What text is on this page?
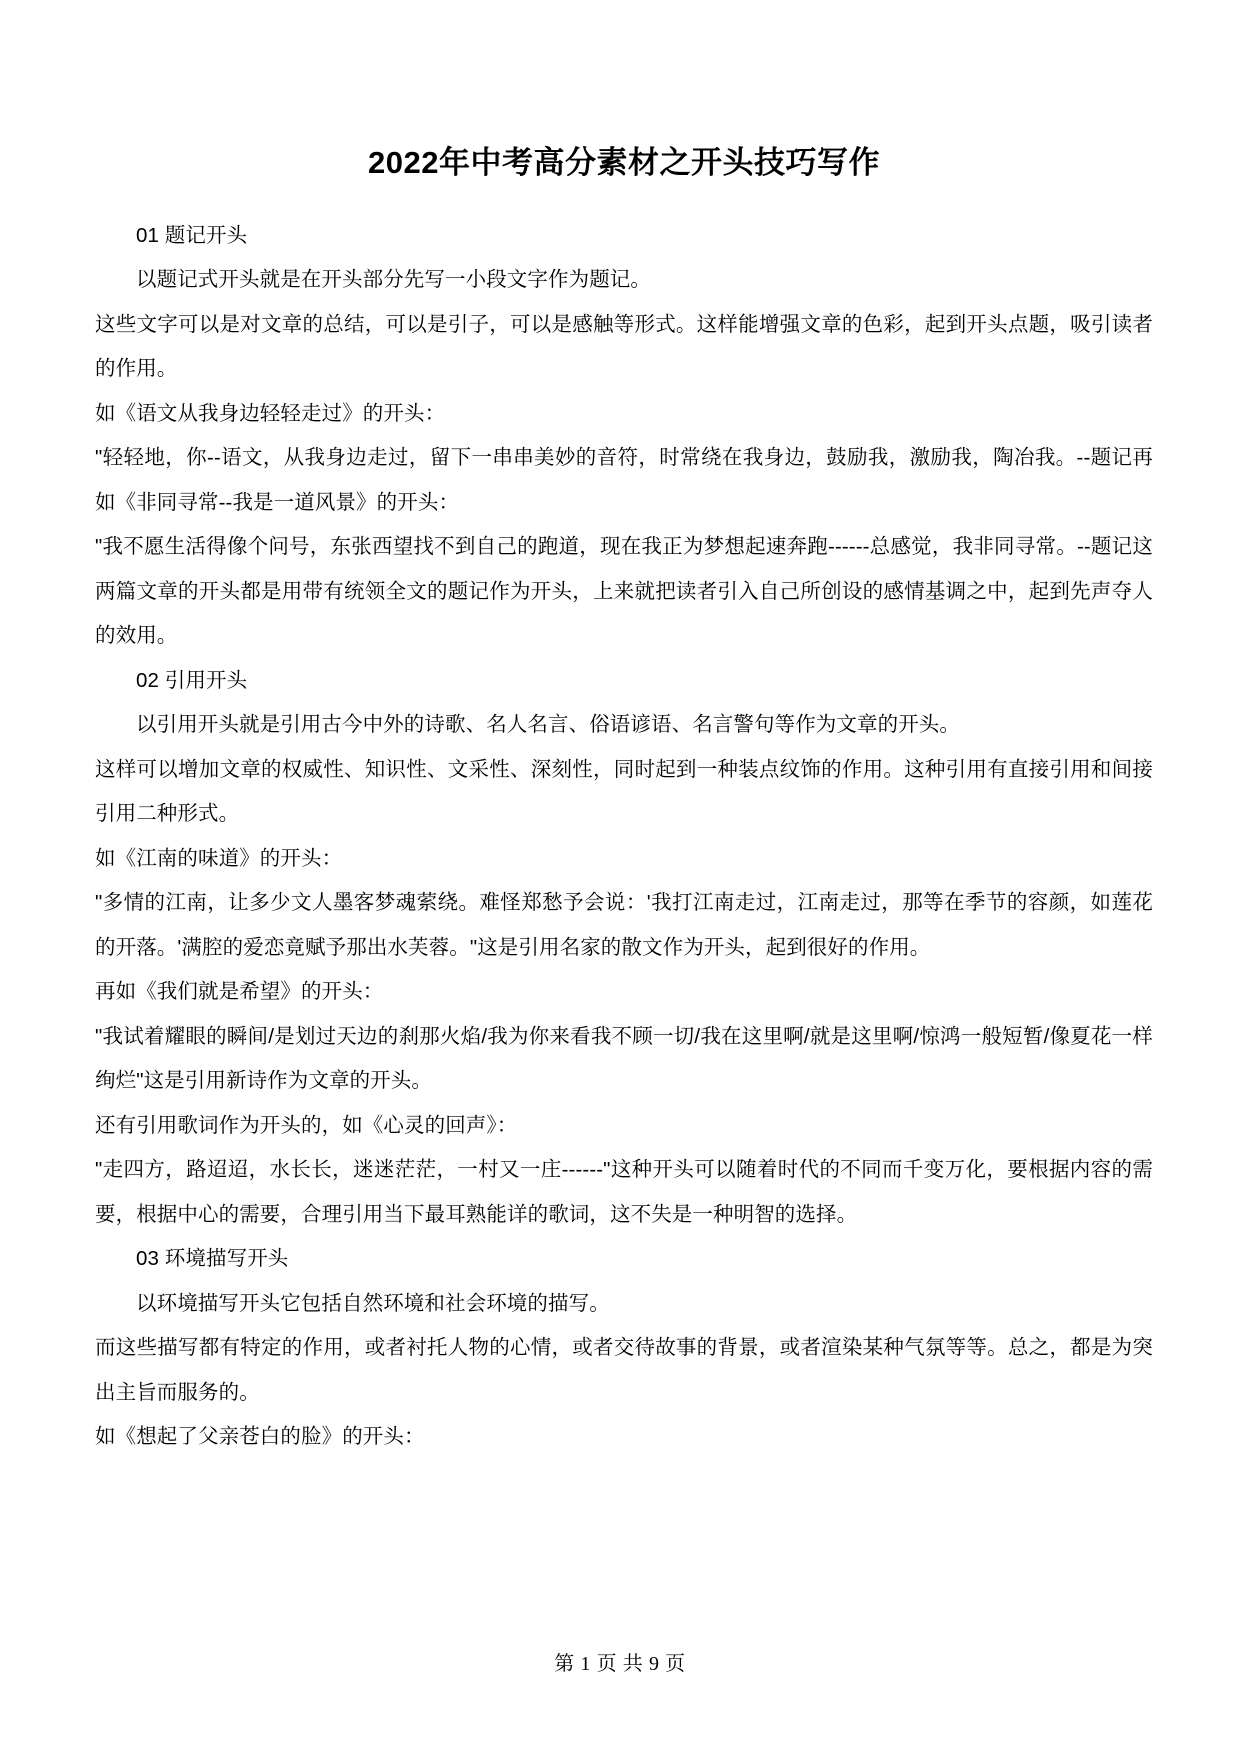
2022年中考高分素材之开头技巧写作

01 题记开头

以题记式开头就是在开头部分先写一小段文字作为题记。

这些文字可以是对文章的总结，可以是引子，可以是感触等形式。这样能增强文章的色彩，起到开头点题，吸引读者的作用。

如《语文从我身边轻轻走过》的开头：

"轻轻地，你--语文，从我身边走过，留下一串串美妙的音符，时常绕在我身边，鼓励我，激励我，陶冶我。--题记再如《非同寻常--我是一道风景》的开头：

"我不愿生活得像个问号，东张西望找不到自己的跑道，现在我正为梦想起速奔跑------总感觉，我非同寻常。--题记这两篇文章的开头都是用带有统领全文的题记作为开头，上来就把读者引入自己所创设的感情基调之中，起到先声夺人的效用。

02 引用开头

以引用开头就是引用古今中外的诗歌、名人名言、俗语谚语、名言警句等作为文章的开头。

这样可以增加文章的权威性、知识性、文采性、深刻性，同时起到一种装点纹饰的作用。这种引用有直接引用和间接引用二种形式。

如《江南的味道》的开头：

"多情的江南，让多少文人墨客梦魂萦绕。难怪郑愁予会说：'我打江南走过，江南走过，那等在季节的容颜，如莲花的开落。'满腔的爱恋竟赋予那出水芙蓉。"这是引用名家的散文作为开头，起到很好的作用。

再如《我们就是希望》的开头：

"我试着耀眼的瞬间/是划过天边的刹那火焰/我为你来看我不顾一切/我在这里啊/就是这里啊/惊鸿一般短暂/像夏花一样绚烂"这是引用新诗作为文章的开头。

还有引用歌词作为开头的，如《心灵的回声》：

"走四方，路迢迢，水长长，迷迷茫茫，一村又一庄------"这种开头可以随着时代的不同而千变万化，要根据内容的需要，根据中心的需要，合理引用当下最耳熟能详的歌词，这不失是一种明智的选择。

03 环境描写开头

以环境描写开头它包括自然环境和社会环境的描写。

而这些描写都有特定的作用，或者衬托人物的心情，或者交待故事的背景，或者渲染某种气氛等等。总之，都是为突出主旨而服务的。

如《想起了父亲苍白的脸》的开头：

第 1 页 共 9 页
